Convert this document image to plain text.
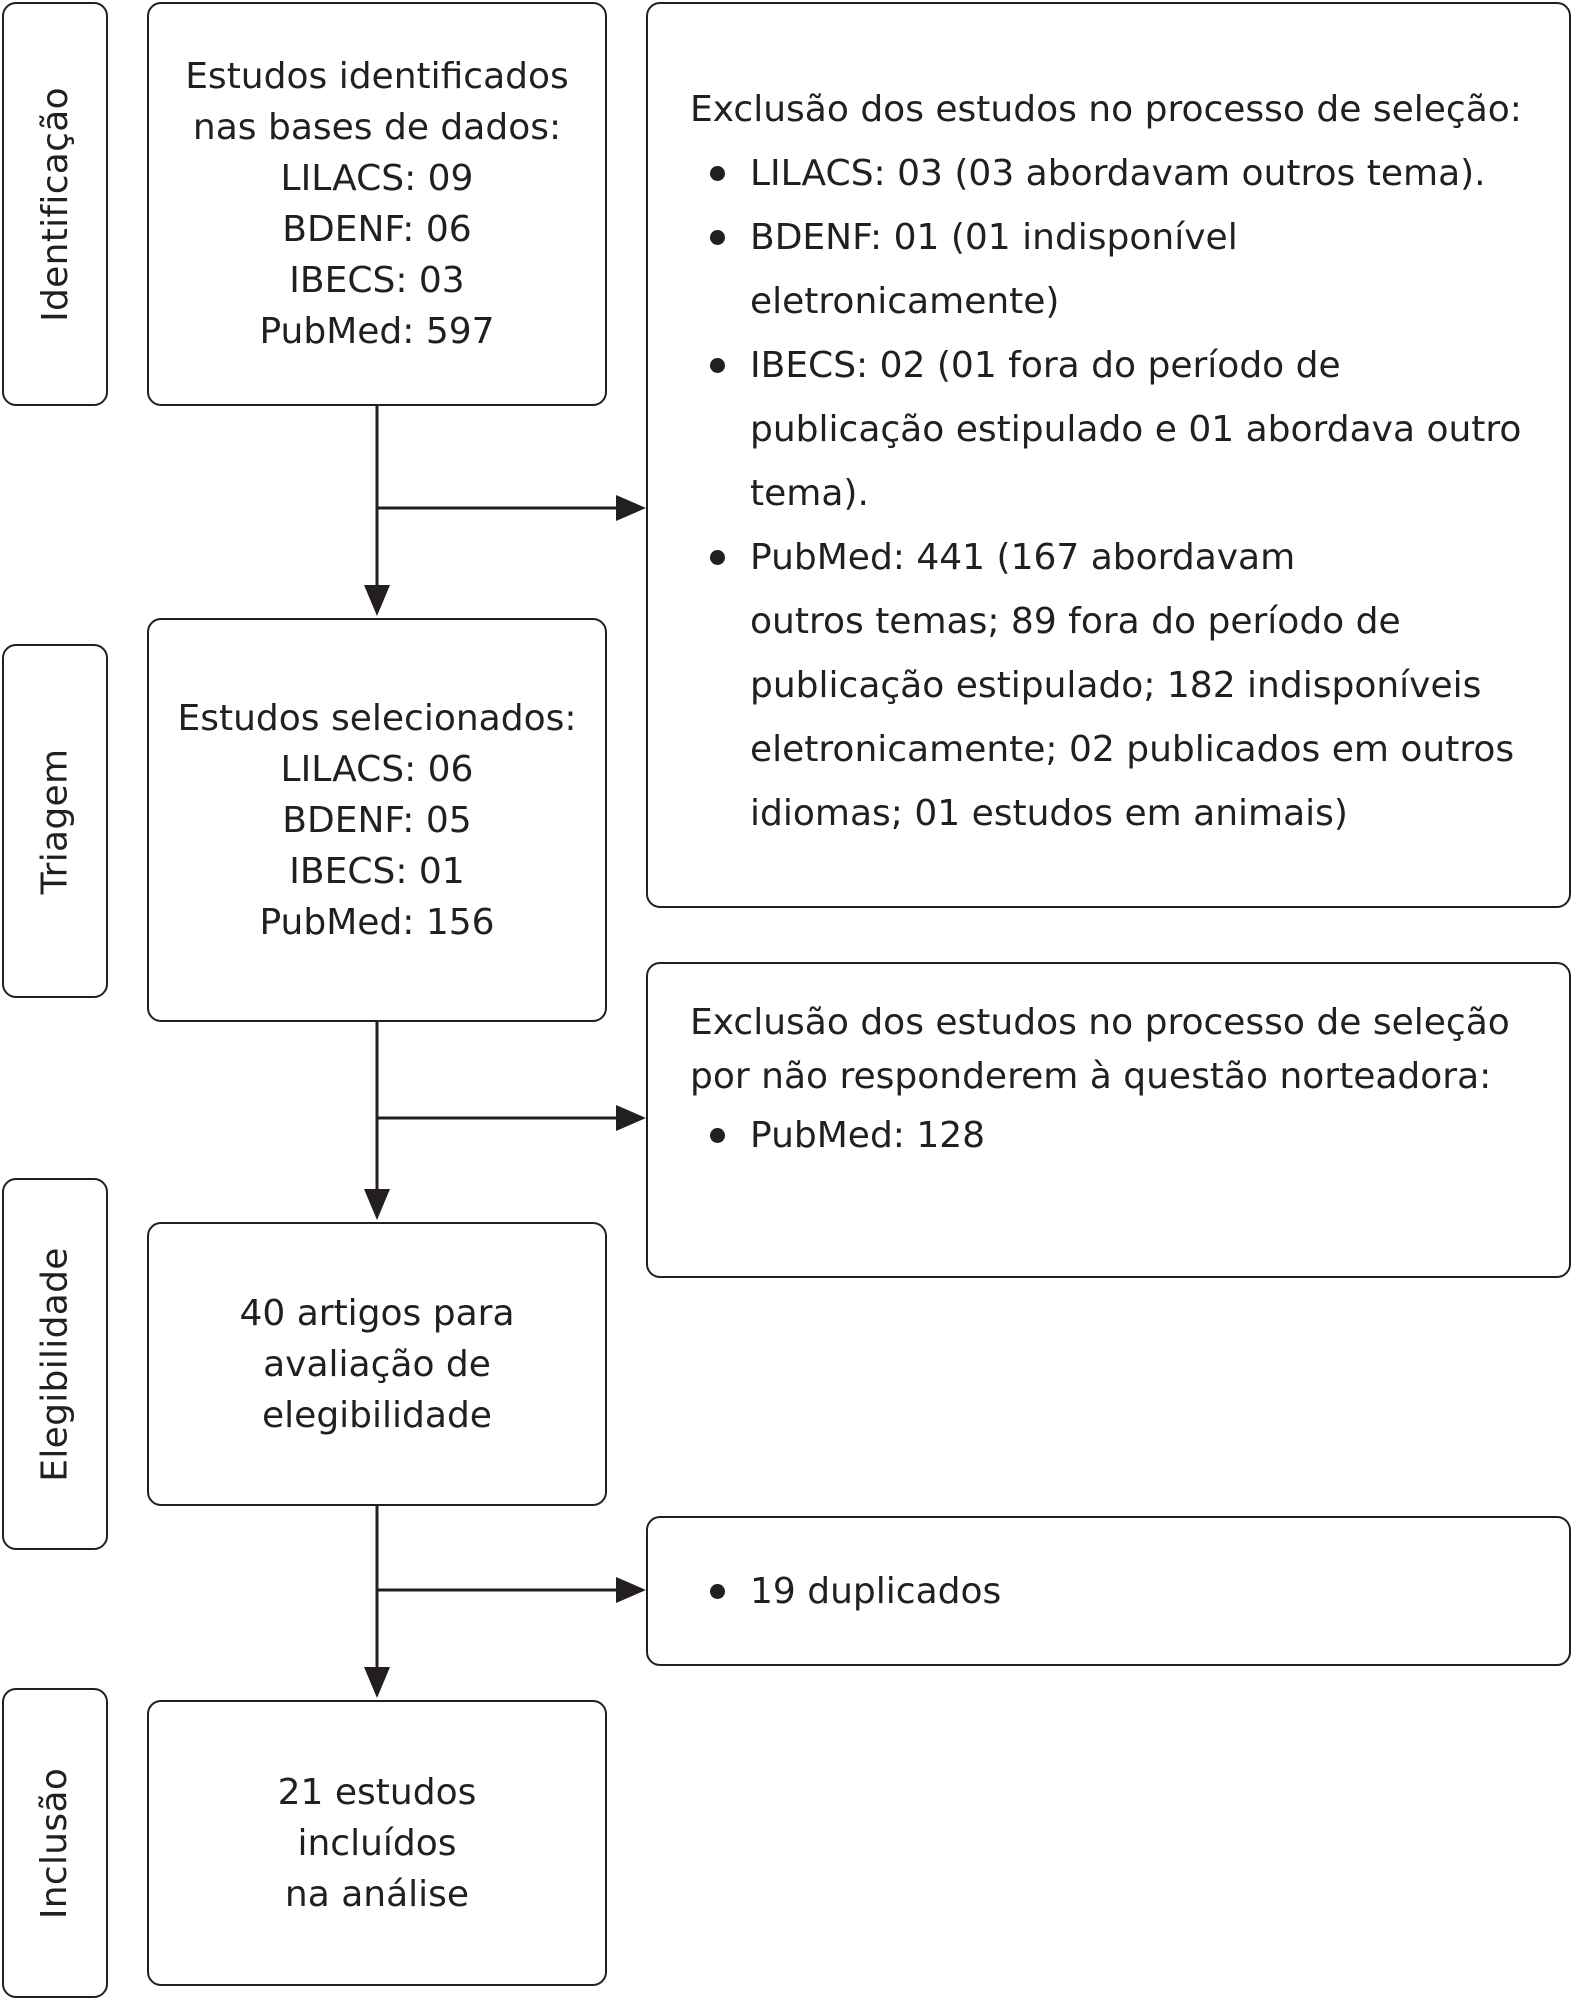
Identificação
Triagem
Elegibilidade
Inclusão
Estudos identificados
nas bases de dados:
LILACS: 09
BDENF: 06
IBECS: 03
PubMed: 597
Estudos selecionados:
LILACS: 06
BDENF: 05
IBECS: 01
PubMed: 156
40 artigos para
avaliação de
elegibilidade
21 estudos
incluídos
na análise
Exclusão dos estudos no processo de seleção:
LILACS: 03 (03 abordavam outros tema).
BDENF: 01 (01 indisponível
eletronicamente)
IBECS: 02 (01 fora do período de
publicação estipulado e 01 abordava outro
tema).
PubMed: 441 (167 abordavam
outros temas; 89 fora do período de
publicação estipulado; 182 indisponíveis
eletronicamente; 02 publicados em outros
idiomas; 01 estudos em animais)
Exclusão dos estudos no processo de seleção
por não responderem à questão norteadora:
PubMed: 128
19 duplicados
